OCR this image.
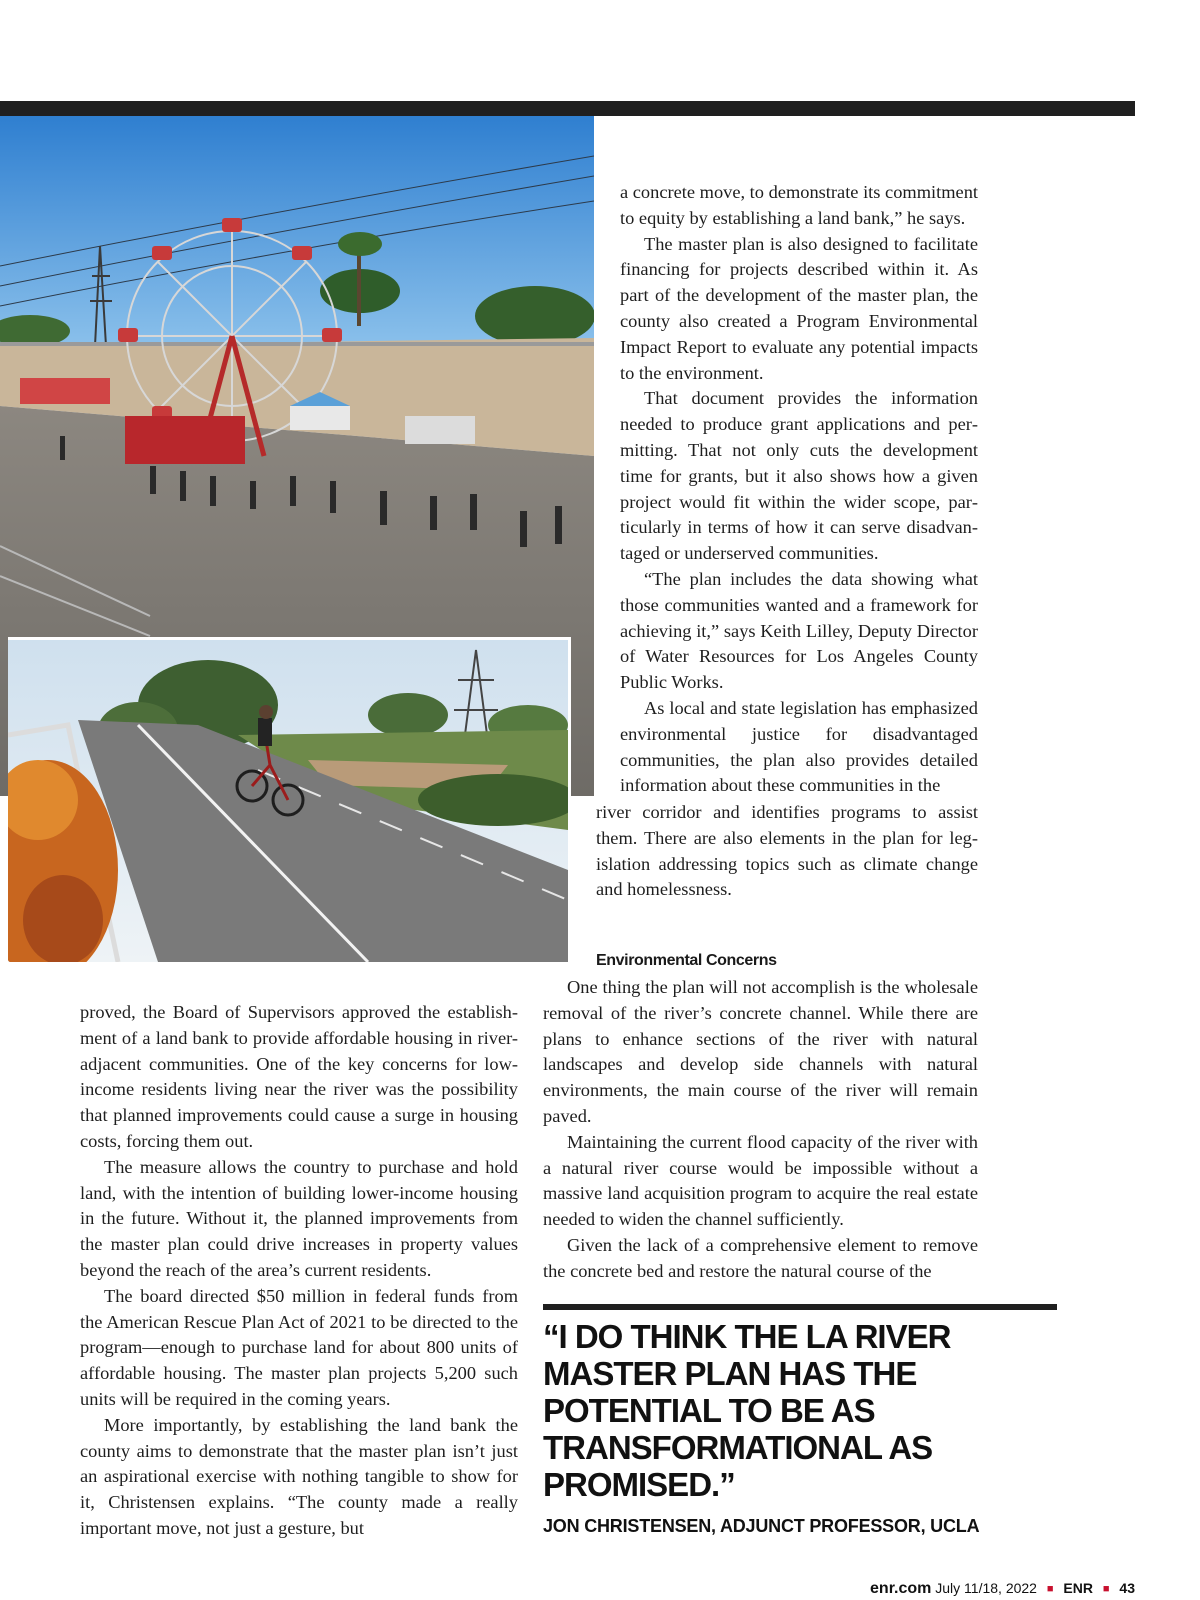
a concrete move, to demonstrate its commitment to equity by establishing a land bank,” he says.

The master plan is also designed to facilitate financing for projects described within it. As part of the development of the master plan, the county also created a Program Environmental Impact Report to evaluate any potential impacts to the environment.

That document provides the information needed to produce grant applications and permitting. That not only cuts the development time for grants, but it also shows how a given project would fit within the wider scope, particularly in terms of how it can serve disadvantaged or underserved communities.

“The plan includes the data showing what those communities wanted and a framework for achieving it,” says Keith Lilley, Deputy Director of Water Resources for Los Angeles County Public Works.

As local and state legislation has emphasized environmental justice for disadvantaged communities, the plan also provides detailed information about these communities in the

river corridor and identifies programs to assist them. There are also elements in the plan for legislation addressing topics such as climate change and homelessness.

Environmental Concerns

One thing the plan will not accomplish is the wholesale removal of the river’s concrete channel. While there are plans to enhance sections of the river with natural landscapes and develop side channels with natural environments, the main course of the river will remain paved.

Maintaining the current flood capacity of the river with a natural river course would be impossible without a massive land acquisition program to acquire the real estate needed to widen the channel sufficiently.

Given the lack of a comprehensive element to remove the concrete bed and restore the natural course of the

proved, the Board of Supervisors approved the establishment of a land bank to provide affordable housing in river-adjacent communities. One of the key concerns for low-income residents living near the river was the possibility that planned improvements could cause a surge in housing costs, forcing them out.

The measure allows the country to purchase and hold land, with the intention of building lower-income housing in the future. Without it, the planned improvements from the master plan could drive increases in property values beyond the reach of the area’s current residents.

The board directed $50 million in federal funds from the American Rescue Plan Act of 2021 to be directed to the program—enough to purchase land for about 800 units of affordable housing. The master plan projects 5,200 such units will be required in the coming years.

More importantly, by establishing the land bank the county aims to demonstrate that the master plan isn’t just an aspirational exercise with nothing tangible to show for it, Christensen explains. “The county made a really important move, not just a gesture, but

“I DO THINK THE LA RIVER MASTER PLAN HAS THE POTENTIAL TO BE AS TRANSFORMATIONAL AS PROMISED.”
JON CHRISTENSEN, ADJUNCT PROFESSOR, UCLA
enr.com July 11/18, 2022 ■ ENR ■ 43
